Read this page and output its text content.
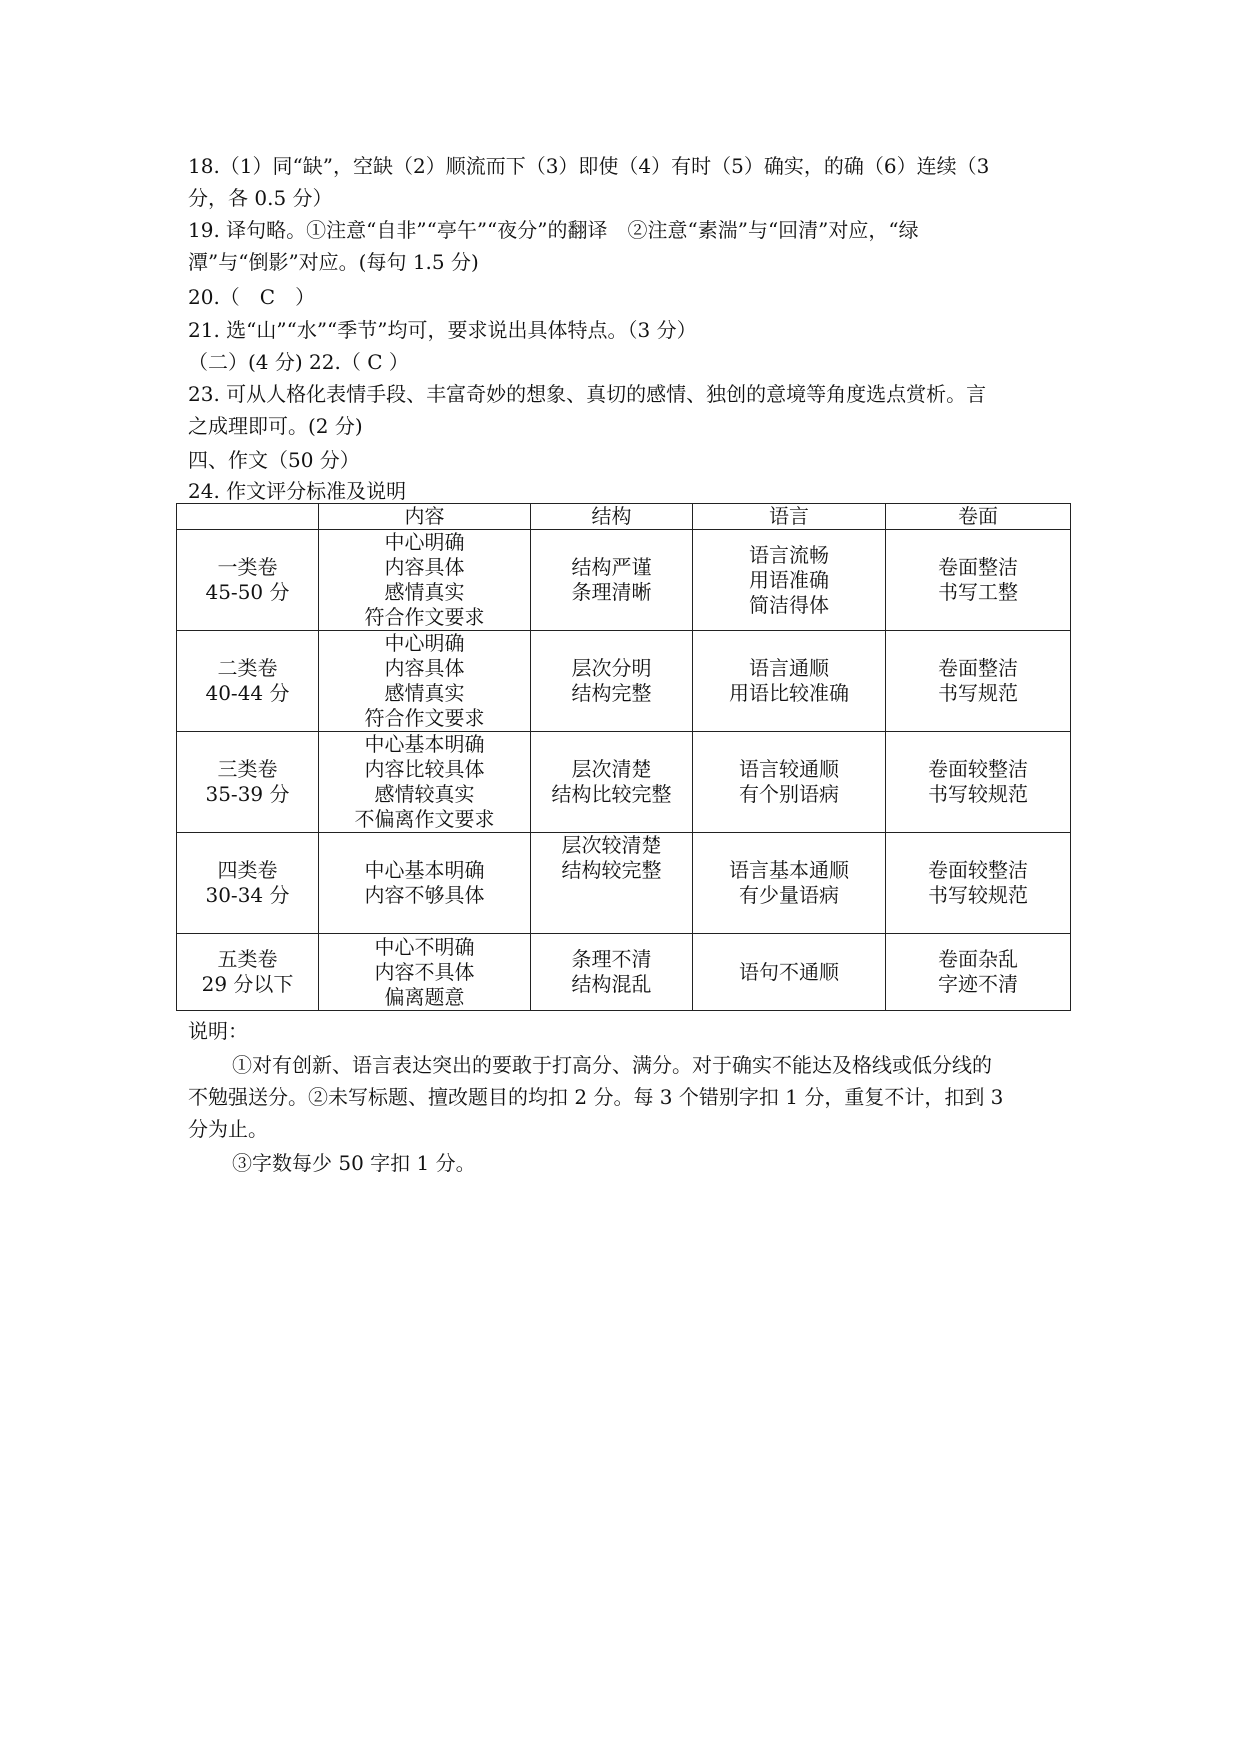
18.（1）同“缺”，空缺（2）顺流而下（3）即使（4）有时（5）确实，的确（6）连续（3
分，各 0.5 分）
19. 译句略。①注意“自非”“亭午”“夜分”的翻译　②注意“素湍”与“回清”对应，“绿
潭”与“倒影”对应。(每句 1.5 分)
20.（　C　）
21. 选“山”“水”“季节”均可，要求说出具体特点。（3 分）
（二）(4 分) 22.（ C ）
23. 可从人格化表情手段、丰富奇妙的想象、真切的感情、独创的意境等角度选点赏析。言
之成理即可。(2 分)
四、作文（50 分）
24. 作文评分标准及说明
	内容	结构	语言	卷面

一类卷
45-50 分	中心明确
内容具体
感情真实
符合作文要求	结构严谨
条理清晰	语言流畅
用语准确
简洁得体	卷面整洁
书写工整

二类卷
40-44 分	中心明确
内容具体
感情真实
符合作文要求	层次分明
结构完整	语言通顺
用语比较准确	卷面整洁
书写规范

三类卷
35-39 分	中心基本明确
内容比较具体
感情较真实
不偏离作文要求	层次清楚
结构比较完整	语言较通顺
有个别语病	卷面较整洁
书写较规范

四类卷
30-34 分	中心基本明确
内容不够具体	层次较清楚
结构较完整	语言基本通顺
有少量语病	卷面较整洁
书写较规范

五类卷
29 分以下	中心不明确
内容不具体
偏离题意	条理不清
结构混乱	语句不通顺	卷面杂乱
字迹不清
说明：
①对有创新、语言表达突出的要敢于打高分、满分。对于确实不能达及格线或低分线的
不勉强送分。②未写标题、擅改题目的均扣 2 分。每 3 个错别字扣 1 分，重复不计，扣到 3
分为止。
③字数每少 50 字扣 1 分。
